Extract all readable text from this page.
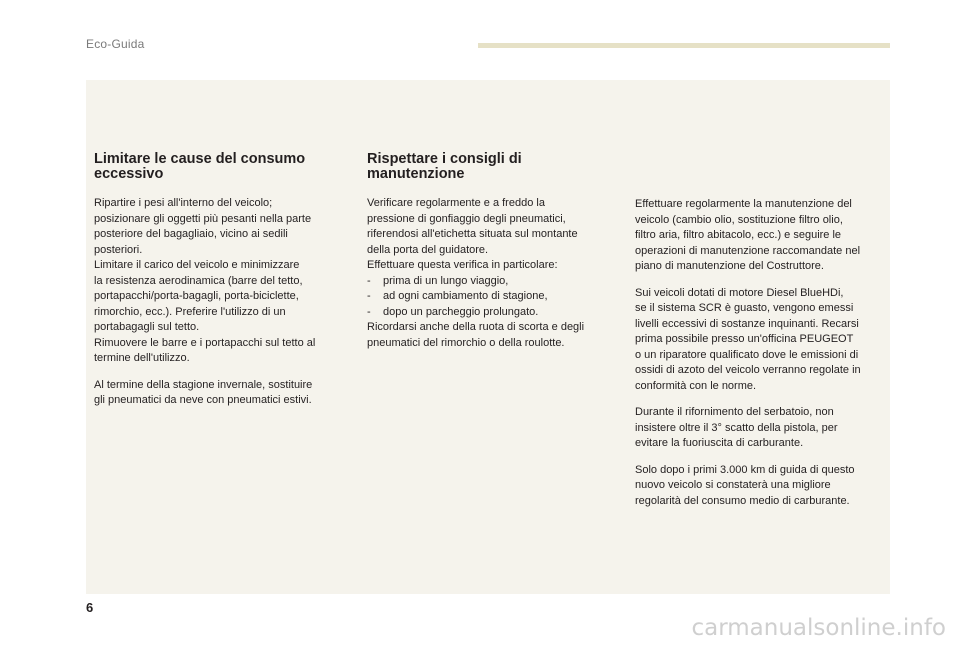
Eco-Guida
Limitare le cause del consumo
eccessivo
Ripartire i pesi all'interno del veicolo;
posizionare gli oggetti più pesanti nella parte
posteriore del bagagliaio, vicino ai sedili
posteriori.
Limitare il carico del veicolo e minimizzare
la resistenza aerodinamica (barre del tetto,
portapacchi/porta-bagagli, porta-biciclette,
rimorchio, ecc.). Preferire l'utilizzo di un
portabagagli sul tetto.
Rimuovere le barre e i portapacchi sul tetto al
termine dell'utilizzo.
Al termine della stagione invernale, sostituire
gli pneumatici da neve con pneumatici estivi.
Rispettare i consigli di
manutenzione
Verificare regolarmente e a freddo la
pressione di gonfiaggio degli pneumatici,
riferendosi all'etichetta situata sul montante
della porta del guidatore.
Effettuare questa verifica in particolare:
- prima di un lungo viaggio,
- ad ogni cambiamento di stagione,
- dopo un parcheggio prolungato.
Ricordarsi anche della ruota di scorta e degli
pneumatici del rimorchio o della roulotte.
Effettuare regolarmente la manutenzione del
veicolo (cambio olio, sostituzione filtro olio,
filtro aria, filtro abitacolo, ecc.) e seguire le
operazioni di manutenzione raccomandate nel
piano di manutenzione del Costruttore.
Sui veicoli dotati di motore Diesel BlueHDi,
se il sistema SCR è guasto, vengono emessi
livelli eccessivi di sostanze inquinanti. Recarsi
prima possibile presso un'officina PEUGEOT
o un riparatore qualificato dove le emissioni di
ossidi di azoto del veicolo verranno regolate in
conformità con le norme.
Durante il rifornimento del serbatoio, non
insistere oltre il 3° scatto della pistola, per
evitare la fuoriuscita di carburante.
Solo dopo i primi 3.000 km di guida di questo
nuovo veicolo si constaterà una migliore
regolarità del consumo medio di carburante.
6
carmanualsonline.info
